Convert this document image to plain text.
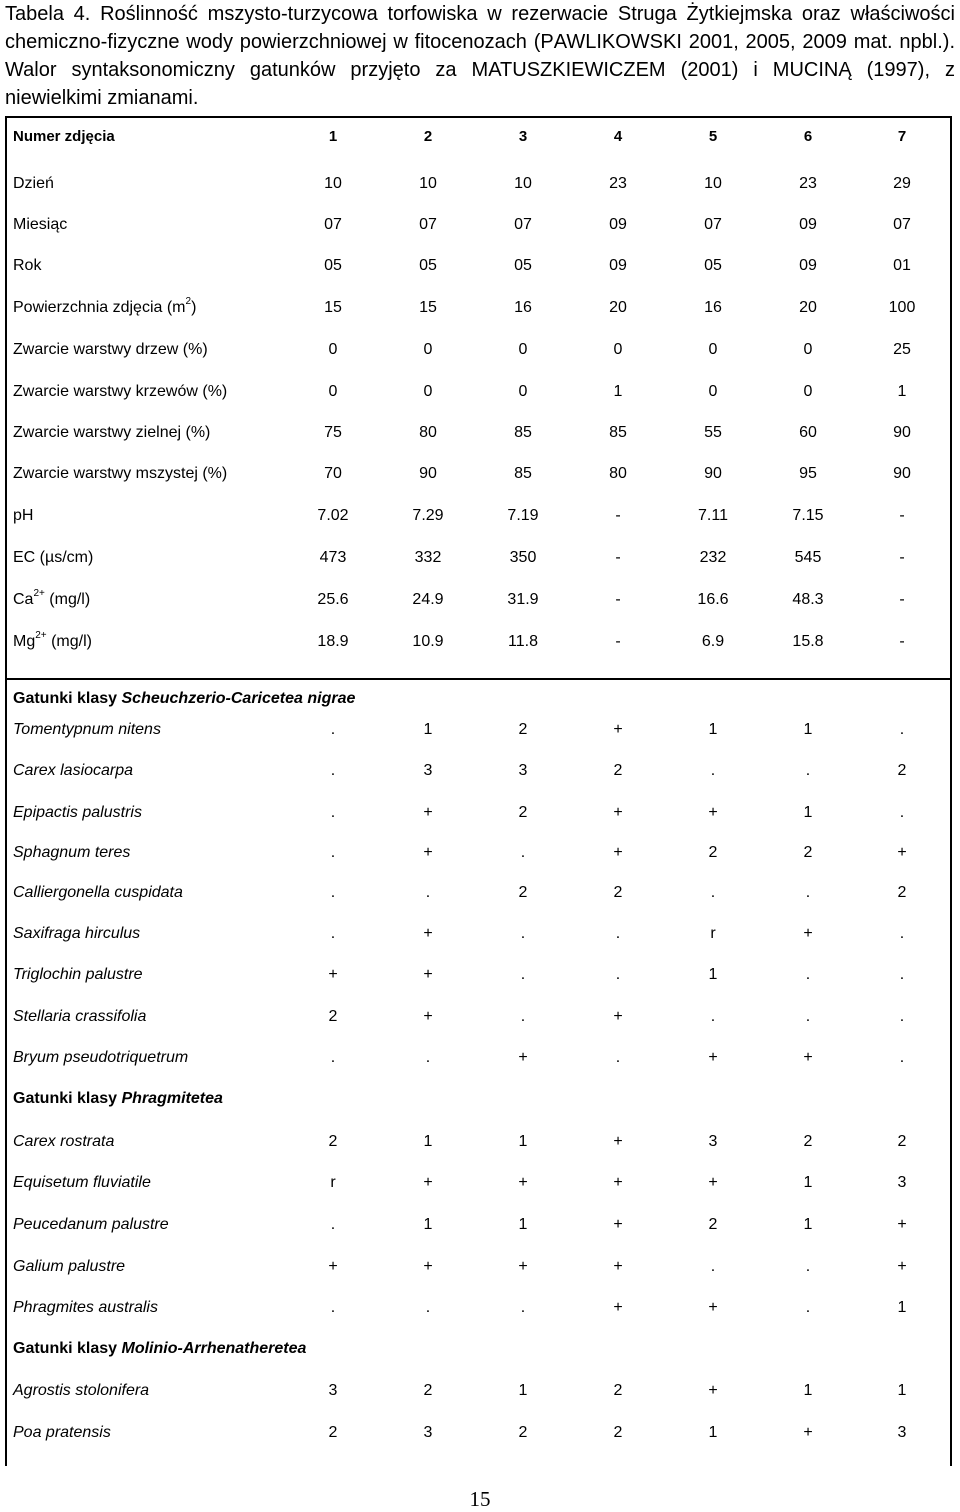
Tabela 4. Roślinność mszysto-turzycowa torfowiska w rezerwacie Struga Żytkiejmska oraz właściwości chemiczno-fizyczne wody powierzchniowej w fitocenozach (PAWLIKOWSKI 2001, 2005, 2009 mat. npbl.). Walor syntaksonomiczny gatunków przyjęto za MATUSZKIEWICZEM (2001) i MUCINĄ (1997), z niewielkimi zmianami.
Numer zdjęcia	1	2	3	4	5	6	7
Dzień	10	10	10	23	10	23	29
Miesiąc	07	07	07	09	07	09	07
Rok	05	05	05	09	05	09	01
Powierzchnia zdjęcia $(m^2)$	15	15	16	20	16	20	100
Zwarcie warstwy drzew (%)	0	0	0	0	0	0	25
Zwarcie warstwy krzewów (%)	0	0	0	1	0	0	1
Zwarcie warstwy zielnej (%)	75	80	85	85	55	60	90
Zwarcie warstwy mszystej (%)	70	90	85	80	90	95	90
pH	7.02	7.29	7.19	-	7.11	7.15	-
EC (µs/cm)	473	332	350	-	232	545	-
$Ca^{2+}$ (mg/l)	25.6	24.9	31.9	-	16.6	48.3	-
$Mg^{2+}$ (mg/l)	18.9	10.9	11.8	-	6.9	15.8	-
Gatunki klasy Scheuchzerio-Caricetea nigrae
Tomentypnum nitens	.	1	2	+	1	1	.
Carex lasiocarpa	.	3	3	2	.	.	2
Epipactis palustris	.	+	2	+	+	1	.
Sphagnum teres	.	+	.	+	2	2	+
Calliergonella cuspidata	.	.	2	2	.	.	2
Saxifraga hirculus	.	+	.	.	r	+	.
Triglochin palustre	+	+	.	.	1	.	.
Stellaria crassifolia	2	+	.	+	.	.	.
Bryum pseudotriquetrum	.	.	+	.	+	+	.
Gatunki klasy Phragmitetea
Carex rostrata	2	1	1	+	3	2	2
Equisetum fluviatile	r	+	+	+	+	1	3
Peucedanum palustre	.	1	1	+	2	1	+
Galium palustre	+	+	+	+	.	.	+
Phragmites australis	.	.	.	+	+	.	1
Gatunki klasy Molinio-Arrhenatheretea
Agrostis stolonifera	3	2	1	2	+	1	1
Poa pratensis	2	3	2	2	1	+	3
15
